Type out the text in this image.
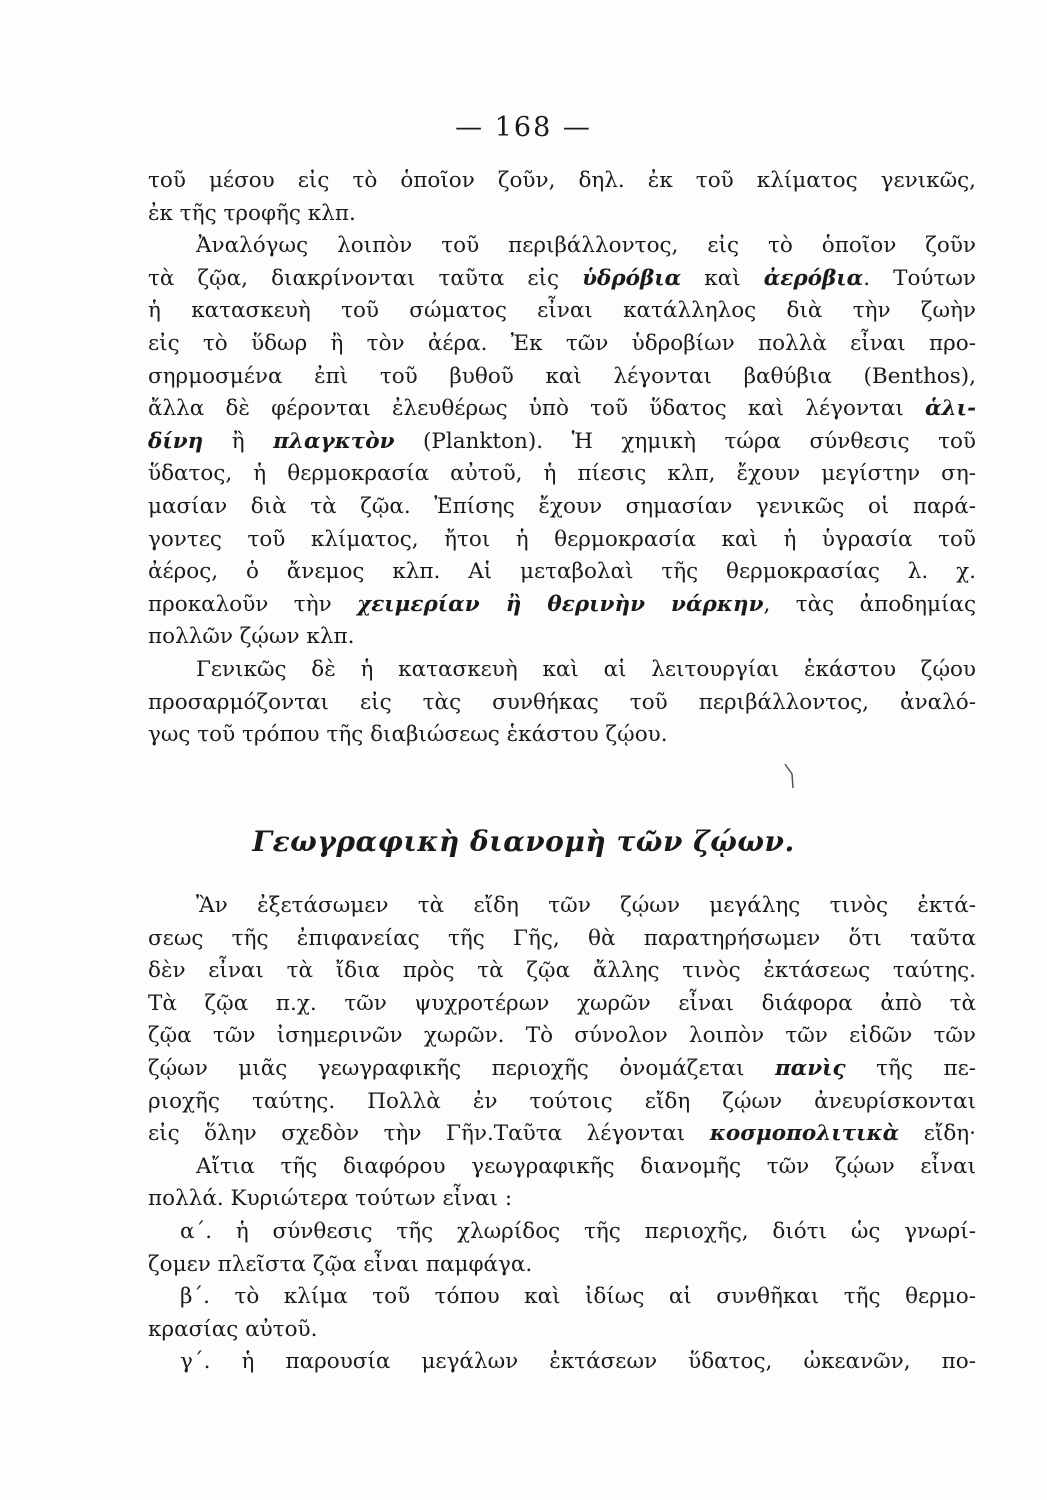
— 168 —
τοῦ μέσου εἰς τὸ ὁποῖον ζοῦν, δηλ. ἐκ τοῦ κλίματος γενικῶς,
ἐκ τῆς τροφῆς κλπ.
Ἀναλόγως λοιπὸν τοῦ περιβάλλοντος, εἰς τὸ ὁποῖον ζοῦν
τὰ ζῷα, διακρίνονται ταῦτα εἰς ὑδρόβια καὶ ἀερόβια. Τούτων
ἡ κατασκευὴ τοῦ σώματος εἶναι κατάλληλος διὰ τὴν ζωὴν
εἰς τὸ ὕδωρ ἢ τὸν ἀέρα. Ἐκ τῶν ὑδροβίων πολλὰ εἶναι προ-
σηρμοσμένα ἐπὶ τοῦ βυθοῦ καὶ λέγονται βαθύβια (Benthos),
ἄλλα δὲ φέρονται ἐλευθέρως ὑπὸ τοῦ ὕδατος καὶ λέγονται ἁλι-
δίνη ἢ πλαγκτὸν (Plankton). Ἡ χημικὴ τώρα σύνθεσις τοῦ
ὕδατος, ἡ θερμοκρασία αὐτοῦ, ἡ πίεσις κλπ, ἔχουν μεγίστην ση-
μασίαν διὰ τὰ ζῷα. Ἐπίσης ἔχουν σημασίαν γενικῶς οἱ παρά-
γοντες τοῦ κλίματος, ἤτοι ἡ θερμοκρασία καὶ ἡ ὑγρασία τοῦ
ἀέρος, ὁ ἄνεμος κλπ. Αἱ μεταβολαὶ τῆς θερμοκρασίας λ. χ.
προκαλοῦν τὴν χειμερίαν ἢ θερινὴν νάρκην, τὰς ἀποδημίας
πολλῶν ζῴων κλπ.
Γενικῶς δὲ ἡ κατασκευὴ καὶ αἱ λειτουργίαι ἑκάστου ζῴου
προσαρμόζονται εἰς τὰς συνθήκας τοῦ περιβάλλοντος, ἀναλό-
γως τοῦ τρόπου τῆς διαβιώσεως ἑκάστου ζῴου.
Γεωγραφικὴ διανομὴ τῶν ζῴων.
Ἂν ἐξετάσωμεν τὰ εἴδη τῶν ζῴων μεγάλης τινὸς ἐκτά-
σεως τῆς ἐπιφανείας τῆς Γῆς, θὰ παρατηρήσωμεν ὅτι ταῦτα
δὲν εἶναι τὰ ἴδια πρὸς τὰ ζῷα ἄλλης τινὸς ἐκτάσεως ταύτης.
Τὰ ζῷα π.χ. τῶν ψυχροτέρων χωρῶν εἶναι διάφορα ἀπὸ τὰ
ζῷα τῶν ἰσημερινῶν χωρῶν. Τὸ σύνολον λοιπὸν τῶν εἰδῶν τῶν
ζῴων μιᾶς γεωγραφικῆς περιοχῆς ὀνομάζεται πανὶς τῆς πε-
ριοχῆς ταύτης. Πολλὰ ἐν τούτοις εἴδη ζῴων ἀνευρίσκονται
εἰς ὅλην σχεδὸν τὴν Γῆν.Ταῦτα λέγονται κοσμοπολιτικὰ εἴδη·
Αἴτια τῆς διαφόρου γεωγραφικῆς διανομῆς τῶν ζῴων εἶναι
πολλά. Κυριώτερα τούτων εἶναι :
α΄. ἡ σύνθεσις τῆς χλωρίδος τῆς περιοχῆς, διότι ὡς γνωρί-
ζομεν πλεῖστα ζῷα εἶναι παμφάγα.
β΄. τὸ κλίμα τοῦ τόπου καὶ ἰδίως αἱ συνθῆκαι τῆς θερμο-
κρασίας αὐτοῦ.
γ΄. ἡ παρουσία μεγάλων ἐκτάσεων ὕδατος, ὠκεανῶν, πο-
